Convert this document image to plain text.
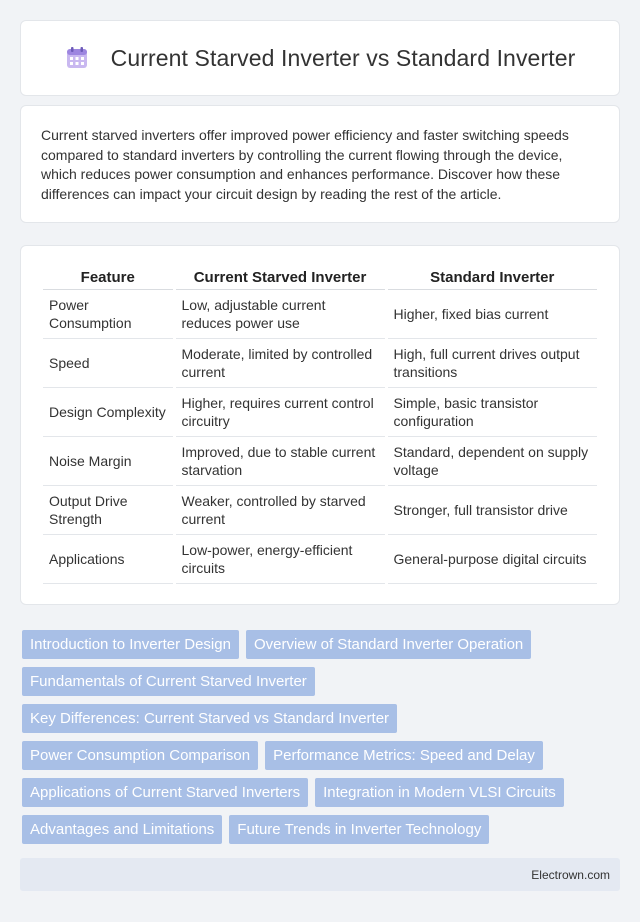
Current Starved Inverter vs Standard Inverter

Current starved inverters offer improved power efficiency and faster switching speeds compared to standard inverters by controlling the current flowing through the device, which reduces power consumption and enhances performance. Discover how these differences can impact your circuit design by reading the rest of the article.

Feature	Current Starved Inverter	Standard Inverter
Power Consumption	Low, adjustable current reduces power use	Higher, fixed bias current
Speed	Moderate, limited by controlled current	High, full current drives output transitions
Design Complexity	Higher, requires current control circuitry	Simple, basic transistor configuration
Noise Margin	Improved, due to stable current starvation	Standard, dependent on supply voltage
Output Drive Strength	Weaker, controlled by starved current	Stronger, full transistor drive
Applications	Low-power, energy-efficient circuits	General-purpose digital circuits
Introduction to Inverter Design	Overview of Standard Inverter Operation
Fundamentals of Current Starved Inverter
Key Differences: Current Starved vs Standard Inverter
Power Consumption Comparison	Performance Metrics: Speed and Delay
Applications of Current Starved Inverters	Integration in Modern VLSI Circuits
Advantages and Limitations	Future Trends in Inverter Technology
Electrown.com
